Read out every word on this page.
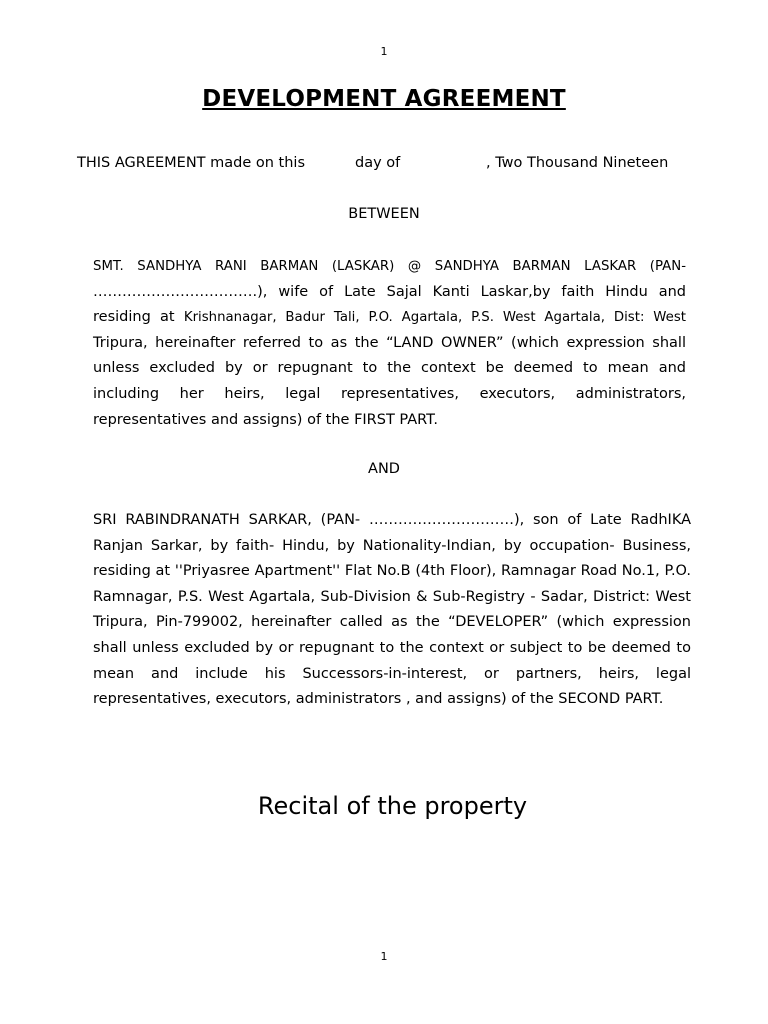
1
DEVELOPMENT AGREEMENT
THIS AGREEMENT made on this	day of	, Two Thousand Nineteen
BETWEEN
SMT. SANDHYA RANI BARMAN (LASKAR) @ SANDHYA BARMAN LASKAR (PAN- …………………………….), wife of Late Sajal Kanti Laskar,by faith Hindu and residing at Krishnanagar, Badur Tali, P.O. Agartala, P.S. West Agartala, Dist: West Tripura, hereinafter referred to as the “LAND OWNER” (which expression shall unless excluded by or repugnant to the context be deemed to mean and including her heirs, legal representatives, executors, administrators, representatives and assigns) of the FIRST PART.
AND
SRI RABINDRANATH SARKAR, (PAN- …………………………), son of Late RadhIKA Ranjan Sarkar, by faith- Hindu, by Nationality-Indian, by occupation- Business, residing at ''Priyasree Apartment'' Flat No.B (4th Floor), Ramnagar Road No.1, P.O. Ramnagar, P.S. West Agartala, Sub-Division & Sub-Registry - Sadar, District: West Tripura, Pin-799002, hereinafter called as the “DEVELOPER” (which expression shall unless excluded by or repugnant to the context or subject to be deemed to mean and include his Successors-in-interest, or partners, heirs, legal representatives, executors, administrators , and assigns) of the SECOND PART.
Recital of the property
1
